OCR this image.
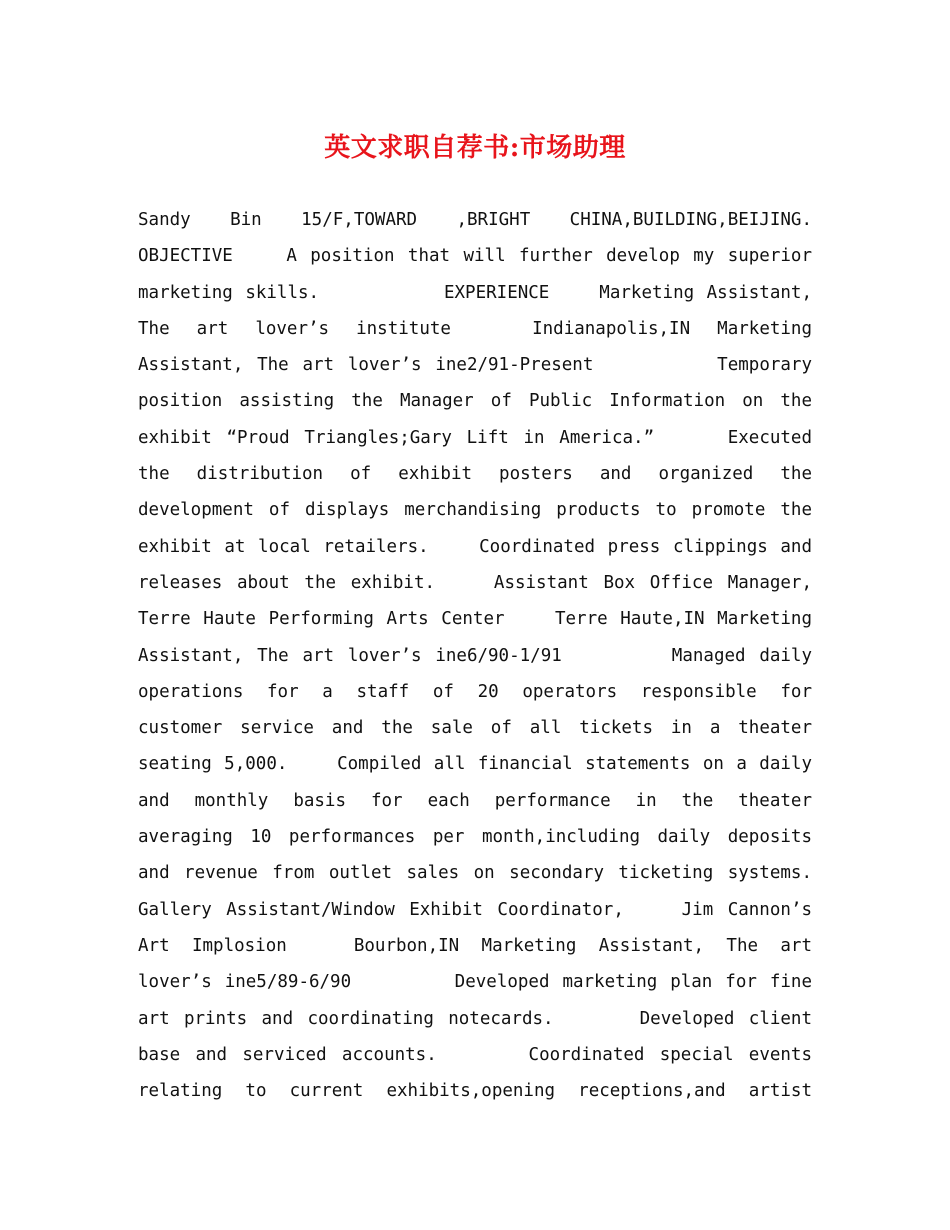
英文求职自荐书:市场助理
Sandy   Bin   15/F,TOWARD   ,BRIGHT   CHINA,BUILDING,BEIJING.
OBJECTIVE    A position that will further develop my superior
marketing skills.          EXPERIENCE    Marketing Assistant,
The  art  lover’s  institute      Indianapolis,IN  Marketing
Assistant, The art lover’s ine2/91-Present         Temporary
position assisting the Manager of Public Information on the
exhibit “Proud Triangles;Gary Lift in America.”     Executed
the  distribution  of  exhibit  posters  and  organized  the
development of displays merchandising products to promote the
exhibit at local retailers.    Coordinated press clippings and
releases about the exhibit.    Assistant Box Office Manager,
Terre Haute Performing Arts Center    Terre Haute,IN Marketing
Assistant, The art lover’s ine6/90-1/91        Managed daily
operations  for  a  staff  of  20  operators  responsible  for
customer service and the sale of all tickets in a theater
seating 5,000.    Compiled all financial statements on a daily
and  monthly  basis  for  each  performance  in  the  theater
averaging 10 performances per month,including daily deposits
and revenue from outlet sales on secondary ticketing systems.
Gallery Assistant/Window Exhibit Coordinator,    Jim Cannon’s
Art  Implosion      Bourbon,IN  Marketing  Assistant,  The  art
lover’s ine5/89-6/90        Developed marketing plan for fine
art prints and coordinating notecards.      Developed client
base and serviced accounts.      Coordinated special events
relating  to  current  exhibits,opening  receptions,and  artist
